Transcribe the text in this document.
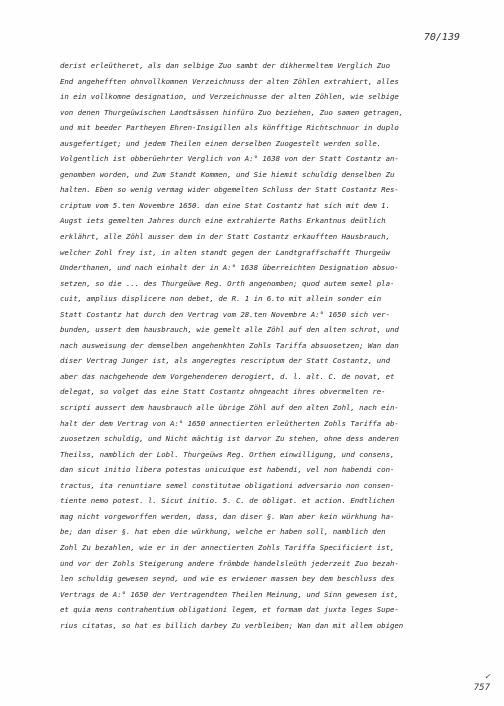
70/139
derist erleütheret, als dan selbige Zuo sambt der dikhermeltem Verglich Zuo
End angehefften ohnvollkomnen Verzeichnuss der alten Zöhlen extrahiert, alles
in ein vollkomne designation, und Verzeichnusse der alten Zöhlen, wie selbige
von denen Thurgeüwischen Landtsässen hinfüro Zuo beziehen, Zuo samen getragen,
und mit beeder Partheyen Ehren-Insigillen als könfftige Richtschnuor in duplo
ausgefertiget; und jedem Theilen einen derselben Zuogestelt werden solle.
Volgentlich ist obberüehrter Verglich von A:° 1638 von der Statt Costantz an-
genomben worden, und Zum Standt Kommen, und Sie hiemit schuldig denselben Zu
halten. Eben so wenig vermag wider obgemelten Schluss der Statt Costantz Res-
criptum vom 5.ten Novembre 1650. dan eine Stat Costantz hat sich mit dem 1.
Augst iets gemelten Jahres durch eine extrahierte Raths Erkantnus deütlich
erklährt, alle Zöhl ausser dem in der Statt Costantz erkaufften Hausbrauch,
welcher Zohl frey ist, in alten standt gegen der Landtgraffschafft Thurgeüw
Underthanen, und nach einhalt der in A:° 1638 überreichten Designation absuo-
setzen, so die ... des Thurgeüwe Reg. Orth angenomben; quod autem semel pla-
cuit, amplius displicere non debet, de R. 1 in 6.to mit allein sonder ein
Statt Costantz hat durch den Vertrag vom 28.ten Novembre A:° 1650 sich ver-
bunden, ussert dem hausbrauch, wie gemelt alle Zöhl auf den alten schrot, und
nach ausweisung der demselben angehenkhten Zohls Tariffa absuosetzen; Wan dan
diser Vertrag Junger ist, als angeregtes rescriptum der Statt Costantz, und
aber das nachgehende dem Vorgehenderen derogiert, d. l. alt. C. de novat, et
delegat, so volget das eine Statt Costantz ohngeacht ihres obvermelten re-
scripti aussert dem hausbrauch alle übrige Zöhl auf den alten Zohl, nach ein-
halt der dem Vertrag von A:° 1650 annectierten erleütherten Zohls Tariffa ab-
zuosetzen schuldig, und Nicht mächtig ist darvor Zu stehen, ohne dess anderen
Theilss, namblich der Lobl. Thurgeüws Reg. Orthen einwilligung, und consens,
dan sicut initio libera potestas unicuique est habendi, vel non habendi con-
tractus, ita renuntiare semel constitutae obligationi adversario non consen-
tiente nemo potest. l. Sicut initio. 5. C. de obligat. et action. Endtlichen
mag nicht vorgeworffen werden, dass, dan diser §. Wan aber kein würkhung ha-
be; dan diser §. hat eben die würkhung, welche er haben soll, namblich den
Zohl Zu bezahlen, wie er in der annectierten Zohls Tariffa Specificiert ist,
und vor der Zohls Steigerung andere frömbde handelsleüth jederzeit Zuo bezah-
len schuldig gewesen seynd, und wie es erwiener massen bey dem beschluss des
Vertrags de A:° 1650 der Vertragendten Theilen Meinung, und Sinn gewesen ist,
et quia mens contrahentium obligationi legem, et formam dat juxta leges Supe-
rius citatas, so hat es billich darbey Zu verbleiben; Wan dan mit allem obigen
✓
757
